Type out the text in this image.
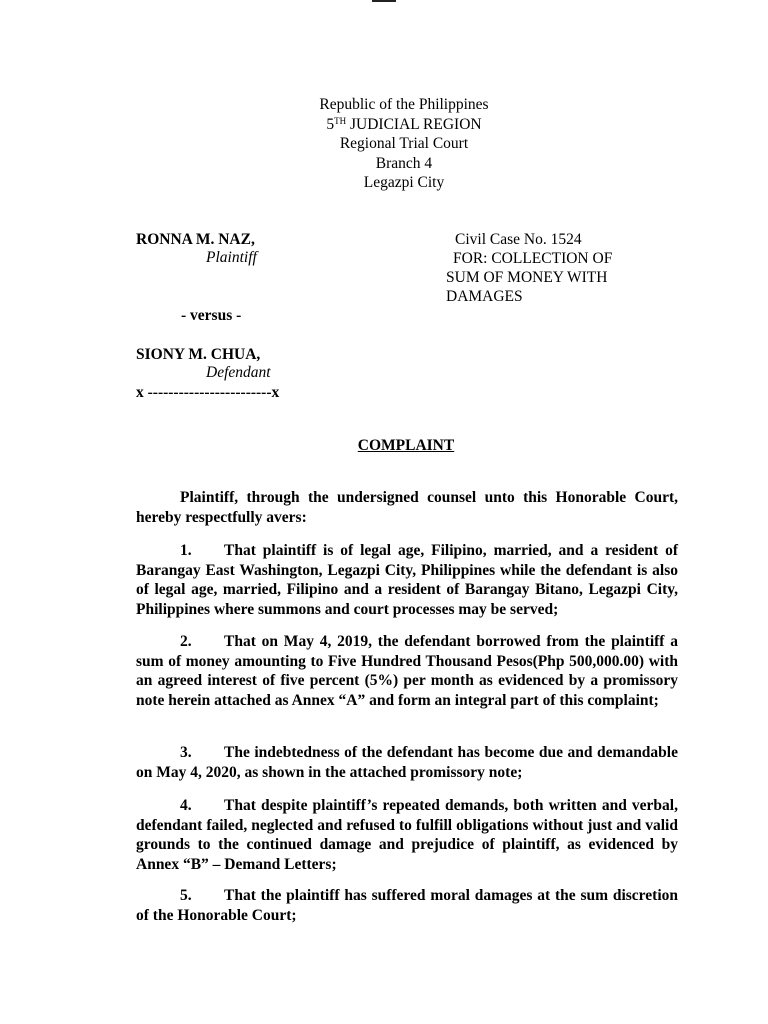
Republic of the Philippines
5TH JUDICIAL REGION
Regional Trial Court
Branch 4
Legazpi City
RONNA M. NAZ,
Plaintiff
- versus -
SIONY M. CHUA,
Defendant
x ------------------------x
Civil Case No. 1524
FOR: COLLECTION OF
SUM OF MONEY WITH
DAMAGES
COMPLAINT
Plaintiff, through the undersigned counsel unto this Honorable Court, hereby respectfully avers:
1. That plaintiff is of legal age, Filipino, married, and a resident of Barangay East Washington, Legazpi City, Philippines while the defendant is also of legal age, married, Filipino and a resident of Barangay Bitano, Legazpi City, Philippines where summons and court processes may be served;
2. That on May 4, 2019, the defendant borrowed from the plaintiff a sum of money amounting to Five Hundred Thousand Pesos(Php 500,000.00) with an agreed interest of five percent (5%) per month as evidenced by a promissory note herein attached as Annex “A” and form an integral part of this complaint;
3. The indebtedness of the defendant has become due and demandable on May 4, 2020, as shown in the attached promissory note;
4. That despite plaintiff’s repeated demands, both written and verbal, defendant failed, neglected and refused to fulfill obligations without just and valid grounds to the continued damage and prejudice of plaintiff, as evidenced by Annex “B” – Demand Letters;
5. That the plaintiff has suffered moral damages at the sum discretion of the Honorable Court;
